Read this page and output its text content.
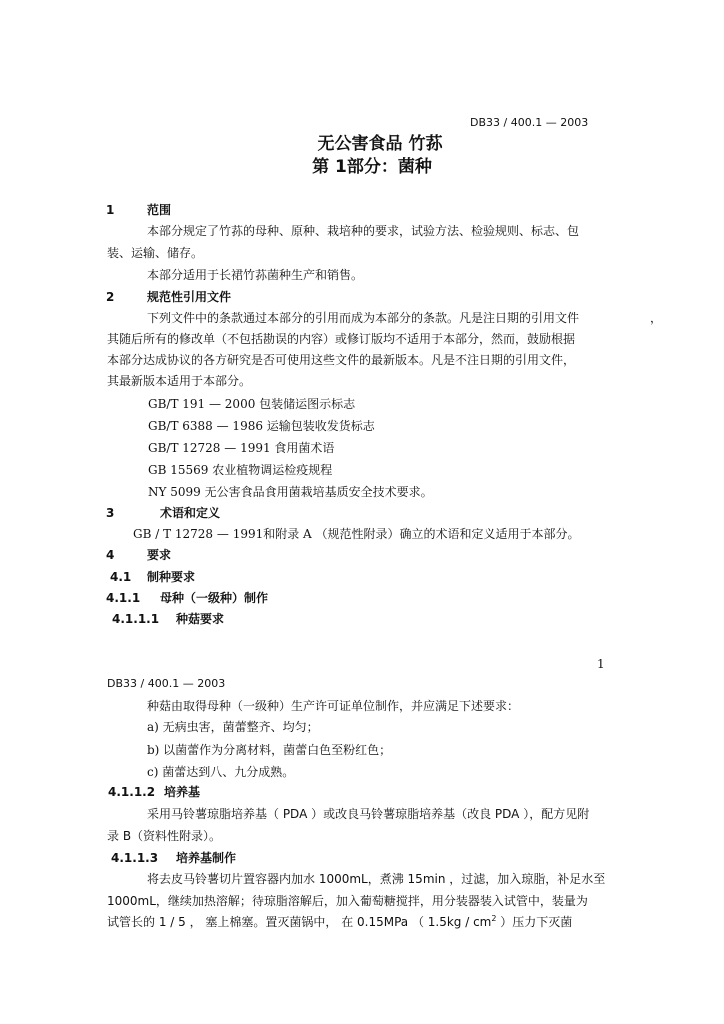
DB33 / 400.1 — 2003
无公害食品 竹荪
第 1部分：菌种
1	范围
本部分规定了竹荪的母种、原种、栽培种的要求，试验方法、检验规则、标志、包
装、运输、储存。
本部分适用于长裙竹荪菌种生产和销售。
2	规范性引用文件
下列文件中的条款通过本部分的引用而成为本部分的条款。凡是注日期的引用文件	，
其随后所有的修改单（不包括勘误的内容）或修订版均不适用于本部分，然而，鼓励根据
本部分达成协议的各方研究是否可使用这些文件的最新版本。凡是不注日期的引用文件，
其最新版本适用于本部分。
GB/T 191 — 2000 包装储运图示标志
GB/T 6388 — 1986 运输包装收发货标志
GB/T 12728 — 1991 食用菌术语
GB 15569 农业植物调运检疫规程
NY 5099 无公害食品食用菌栽培基质安全技术要求。
3	术语和定义
GB / T 12728 — 1991和附录 A （规范性附录）确立的术语和定义适用于本部分。
4	要求
4.1 制种要求
4.1.1 母种（一级种）制作
4.1.1.1 种菇要求
1
DB33 / 400.1 — 2003
种菇由取得母种（一级种）生产许可证单位制作，并应满足下述要求：
a) 无病虫害，菌蕾整齐、均匀；
b) 以菌蕾作为分离材料，菌蕾白色至粉红色；
c) 菌蕾达到八、九分成熟。
4.1.1.2 培养基
采用马铃薯琼脂培养基（ PDA ）或改良马铃薯琼脂培养基（改良 PDA ），配方见附
录 B（资料性附录）。
4.1.1.3 培养基制作
将去皮马铃薯切片置容器内加水 1000mL，煮沸 15min ，过滤，加入琼脂，补足水至
1000mL，继续加热溶解；待琼脂溶解后，加入葡萄糖搅拌，用分装器装入试管中，装量为
试管长的 1 / 5 ， 塞上棉塞。置灭菌锅中， 在 0.15MPa （ $1.5kg / cm^2$ ）压力下灭菌
